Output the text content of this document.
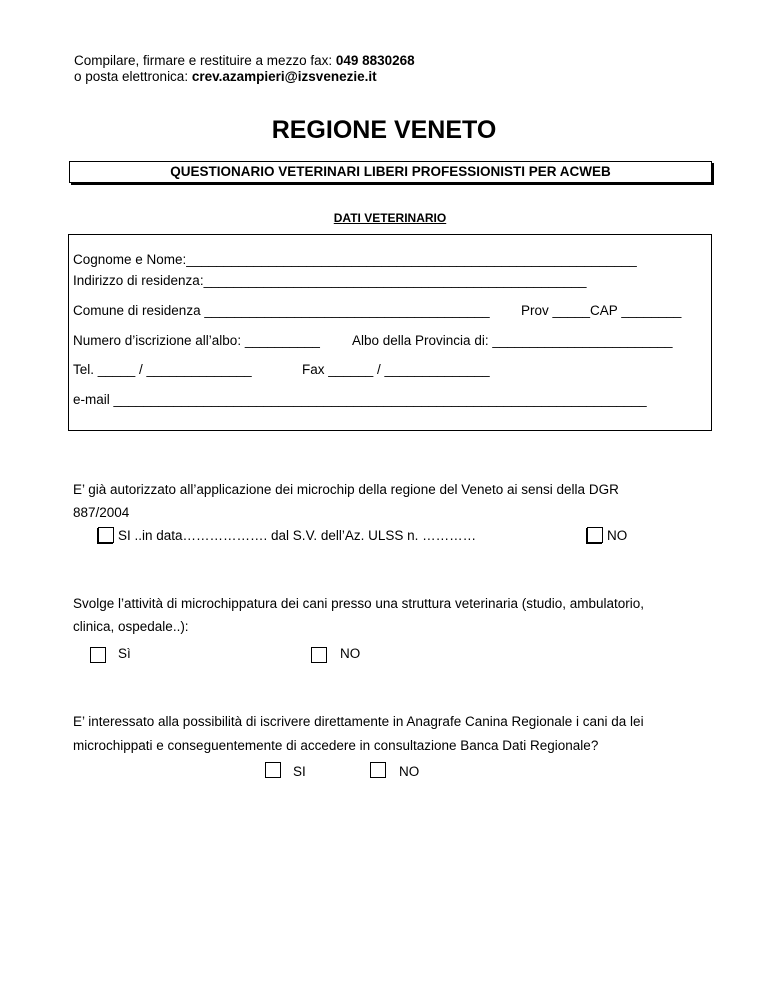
Compilare, firmare e restituire a mezzo fax: 049 8830268
o posta elettronica: crev.azampieri@izsvenezie.it
REGIONE VENETO
QUESTIONARIO VETERINARI LIBERI PROFESSIONISTI PER ACWEB
DATI VETERINARIO
Cognome e Nome:____________________________________________________________
Indirizzo di residenza:___________________________________________________
Comune di residenza ______________________________________ Prov _____CAP ________
Numero d’iscrizione all’albo: __________ Albo della Provincia di: ________________________
Tel. _____ / ______________	Fax ______ / ______________
e-mail _______________________________________________________________________
E’ già autorizzato all’applicazione dei microchip della regione del Veneto ai sensi della DGR
887/2004
SI ..in data………………. dal S.V. dell’Az. ULSS n. …………	NO
Svolge l’attività di microchippatura dei cani presso una struttura veterinaria (studio, ambulatorio,
clinica, ospedale..):
Sì	NO
E’ interessato alla possibilità di iscrivere direttamente in Anagrafe Canina Regionale i cani da lei
microchippati e conseguentemente di accedere in consultazione Banca Dati Regionale?
SI	NO
